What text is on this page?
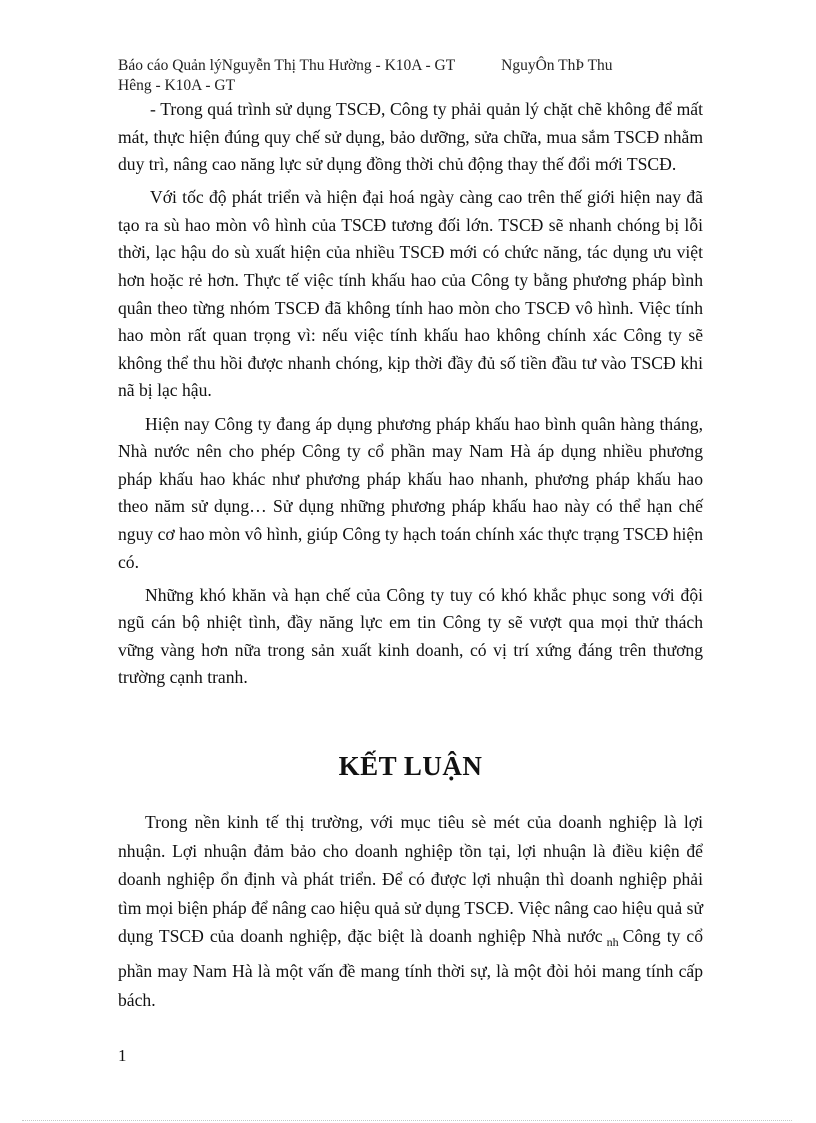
Báo cáo Quản lýNguyễn Thị Thu Hường - K10A - GT	NguyÔn ThÞ Thu
Hêng - K10A - GT

- Trong quá trình sử dụng TSCĐ, Công ty phải quản lý chặt chẽ không để mất mát, thực hiện đúng quy chế sử dụng, bảo dưỡng, sửa chữa, mua sắm TSCĐ nhằm duy trì, nâng cao năng lực sử dụng đồng thời chủ động thay thế đổi mới TSCĐ.

Với tốc độ phát triển và hiện đại hoá ngày càng cao trên thế giới hiện nay đã tạo ra sù hao mòn vô hình của TSCĐ tương đối lớn. TSCĐ sẽ nhanh chóng bị lỗi thời, lạc hậu do sù xuất hiện của nhiều TSCĐ mới có chức năng, tác dụng ưu việt hơn hoặc rẻ hơn. Thực tế việc tính khấu hao của Công ty bằng phương pháp bình quân theo từng nhóm TSCĐ đã không tính hao mòn cho TSCĐ vô hình. Việc tính hao mòn rất quan trọng vì: nếu việc tính khấu hao không chính xác Công ty sẽ không thể thu hồi được nhanh chóng, kịp thời đầy đủ số tiền đầu tư vào TSCĐ khi nã bị lạc hậu.

Hiện nay Công ty đang áp dụng phương pháp khấu hao bình quân hàng tháng, Nhà nước nên cho phép Công ty cổ phần may Nam Hà áp dụng nhiều phương pháp khấu hao khác như phương pháp khấu hao nhanh, phương pháp khấu hao theo năm sử dụng… Sử dụng những phương pháp khấu hao này có thể hạn chế nguy cơ hao mòn vô hình, giúp Công ty hạch toán chính xác thực trạng TSCĐ hiện có.

Những khó khăn và hạn chế của Công ty tuy có khó khắc phục song với đội ngũ cán bộ nhiệt tình, đầy năng lực em tin Công ty sẽ vượt qua mọi thử thách vững vàng hơn nữa trong sản xuất kinh doanh, có vị trí xứng đáng trên thương trường cạnh tranh.

KẾT LUẬN

Trong nền kinh tế thị trường, với mục tiêu sè mét của doanh nghiệp là lợi nhuận. Lợi nhuận đảm bảo cho doanh nghiệp tồn tại, lợi nhuận là điều kiện để doanh nghiệp ổn định và phát triển. Để có được lợi nhuận thì doanh nghiệp phải tìm mọi biện pháp để nâng cao hiệu quả sử dụng TSCĐ. Việc nâng cao hiệu quả sử dụng TSCĐ của doanh nghiệp, đặc biệt là doanh nghiệp Nhà nước $_{nh}$ Công ty cổ phần may Nam Hà là một vấn đề mang tính thời sự, là một đòi hỏi mang tính cấp bách.

1
